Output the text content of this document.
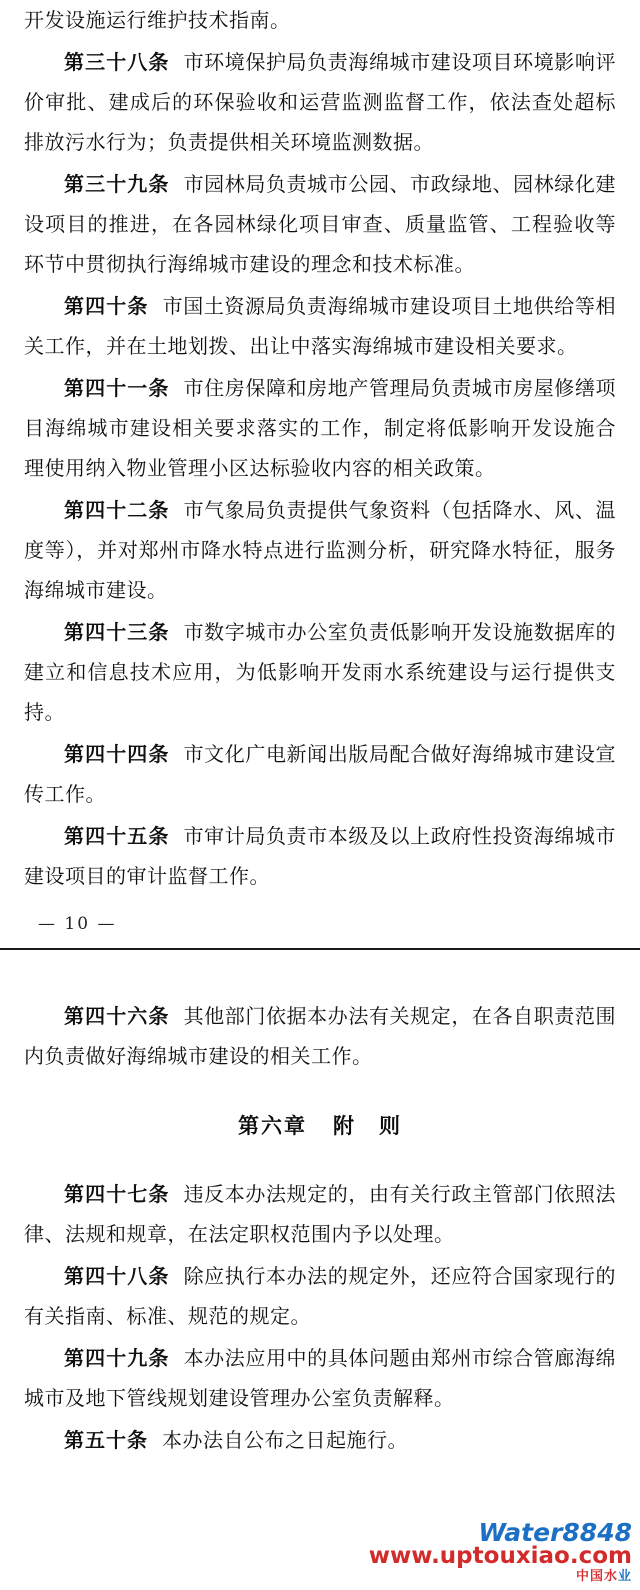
开发设施运行维护技术指南。

第三十八条 市环境保护局负责海绵城市建设项目环境影响评价审批、建成后的环保验收和运营监测监督工作，依法查处超标排放污水行为；负责提供相关环境监测数据。

第三十九条 市园林局负责城市公园、市政绿地、园林绿化建设项目的推进，在各园林绿化项目审查、质量监管、工程验收等环节中贯彻执行海绵城市建设的理念和技术标准。

第四十条 市国土资源局负责海绵城市建设项目土地供给等相关工作，并在土地划拨、出让中落实海绵城市建设相关要求。

第四十一条 市住房保障和房地产管理局负责城市房屋修缮项目海绵城市建设相关要求落实的工作，制定将低影响开发设施合理使用纳入物业管理小区达标验收内容的相关政策。

第四十二条 市气象局负责提供气象资料（包括降水、风、温度等），并对郑州市降水特点进行监测分析，研究降水特征，服务海绵城市建设。

第四十三条 市数字城市办公室负责低影响开发设施数据库的建立和信息技术应用，为低影响开发雨水系统建设与运行提供支持。

第四十四条 市文化广电新闻出版局配合做好海绵城市建设宣传工作。

第四十五条 市审计局负责市本级及以上政府性投资海绵城市建设项目的审计监督工作。

— 10 —

第四十六条 其他部门依据本办法有关规定，在各自职责范围内负责做好海绵城市建设的相关工作。

第六章 附　则

第四十七条 违反本办法规定的，由有关行政主管部门依照法律、法规和规章，在法定职权范围内予以处理。

第四十八条 除应执行本办法的规定外，还应符合国家现行的有关指南、标准、规范的规定。

第四十九条 本办法应用中的具体问题由郑州市综合管廊海绵城市及地下管线规划建设管理办公室负责解释。

第五十条 本办法自公布之日起施行。

Water8848
www.uptouxiao.com
中国水业
